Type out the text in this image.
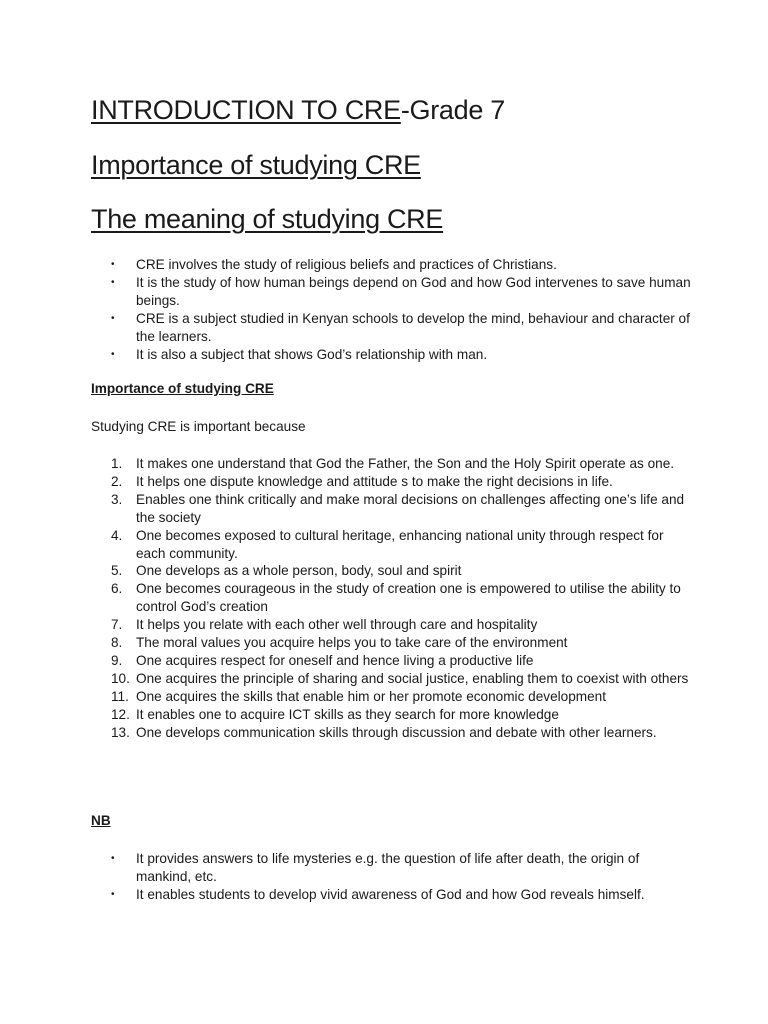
INTRODUCTION TO CRE-Grade 7
Importance of studying CRE
The meaning of studying CRE
• CRE involves the study of religious beliefs and practices of Christians.
• It is the study of how human beings depend on God and how God intervenes to save human beings.
• CRE is a subject studied in Kenyan schools to develop the mind, behaviour and character of the learners.
• It is also a subject that shows God’s relationship with man.

Importance of studying CRE

Studying CRE is important because

1.	It makes one understand that God the Father, the Son and the Holy Spirit operate as one.
2.	It helps one dispute knowledge and attitude s to make the right decisions in life.
3.	Enables one think critically and make moral decisions on challenges affecting one’s life and the society
4.	One becomes exposed to cultural heritage, enhancing national unity through respect for each community.
5.	One develops as a whole person, body, soul and spirit
6.	One becomes courageous in the study of creation one is empowered to utilise the ability to control God’s creation
7.	It helps you relate with each other well through care and hospitality
8.	The moral values you acquire helps you to take care of the environment
9.	One acquires respect for oneself and hence living a productive life
10. One acquires the principle of sharing and social justice, enabling them to coexist with others
11. One acquires the skills that enable him or her promote economic development
12. It enables one to acquire ICT skills as they search for more knowledge
13. One develops communication skills through discussion and debate with other learners.

NB

• It provides answers to life mysteries e.g. the question of life after death, the origin of mankind, etc.
• It enables students to develop vivid awareness of God and how God reveals himself.
